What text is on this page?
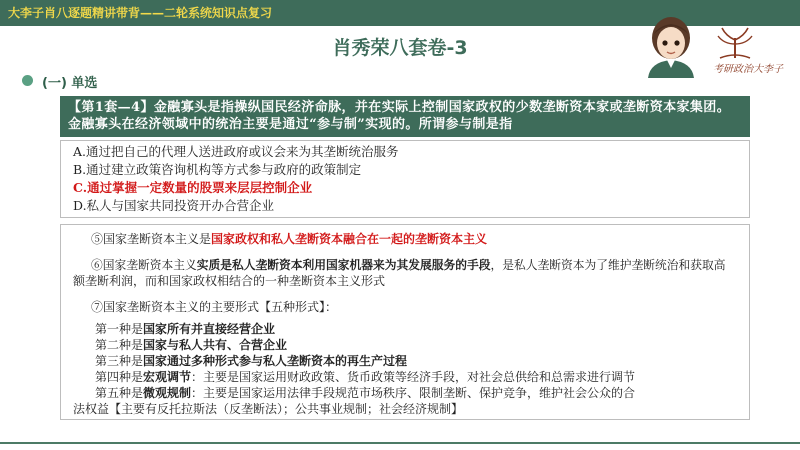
大李子肖八逐题精讲带背——二轮系统知识点复习
肖秀荣八套卷-3
考研政治大李子
(一) 单选
【第1套—4】金融寡头是指操纵国民经济命脉，并在实际上控制国家政权的少数垄断资本家或垄断资本家集团。金融寡头在经济领域中的统治主要是通过“参与制”实现的。所谓参与制是指
A.通过把自己的代理人送进政府或议会来为其垄断统治服务
B.通过建立政策咨询机构等方式参与政府的政策制定
C.通过掌握一定数量的股票来层层控制企业
D.私人与国家共同投资开办合营企业
⑤国家垄断资本主义是国家政权和私人垄断资本融合在一起的垄断资本主义
⑥国家垄断资本主义实质是私人垄断资本利用国家机器来为其发展服务的手段，是私人垄断资本为了维护垄断统治和获取高
额垄断利润，而和国家政权相结合的一种垄断资本主义形式
⑦国家垄断资本主义的主要形式【五种形式】：
第一种是国家所有并直接经营企业
第二种是国家与私人共有、合营企业
第三种是国家通过多种形式参与私人垄断资本的再生产过程
第四种是宏观调节：主要是国家运用财政政策、货币政策等经济手段，对社会总供给和总需求进行调节
第五种是微观规制：主要是国家运用法律手段规范市场秩序、限制垄断、保护竞争，维护社会公众的合
法权益【主要有反托拉斯法（反垄断法）；公共事业规制；社会经济规制】
